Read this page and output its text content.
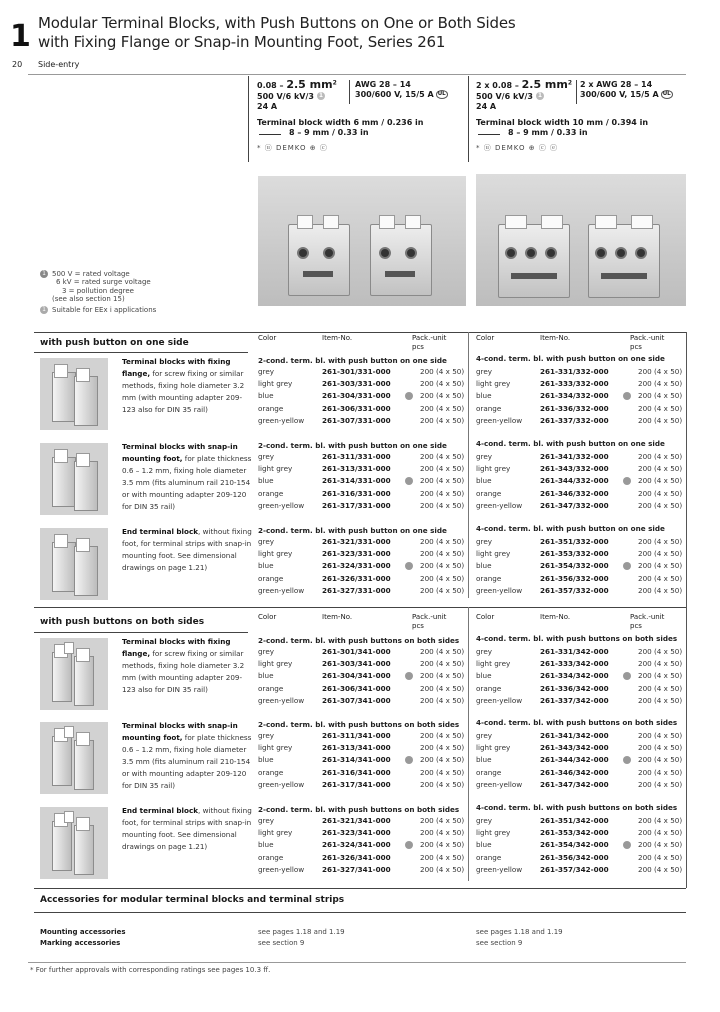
1 Modular Terminal Blocks, with Push Buttons on One or Both Sides
with Fixing Flange or Snap-in Mounting Foot, Series 261
20 Side-entry
0.08 – 2.5 $mm^2$
500 V/6 kV/3 1
24 A
AWG 28 – 14
300/600 V, 15/5 A UL
Terminal block width 6 mm / 0.236 in
8 – 9 mm / 0.33 in
* ⓤ DEMKO ⊕ ⓒ
2 x 0.08 – 2.5 $mm^2$
500 V/6 kV/3 1
24 A
2 x AWG 28 – 14
300/600 V, 15/5 A UL
Terminal block width 10 mm / 0.394 in
8 – 9 mm / 0.33 in
* ⓤ DEMKO ⊕ ⓒ ⓔ
1 500 V = rated voltage
6 kV = rated surge voltage
3 = pollution degree
(see also section 15)
1 Suitable for EEx i applications
with push button on one side	Color	Item-No.	Pack.-unit
pcs
Color	Item-No.	Pack.-unit
pcs
Terminal blocks with fixing flange, for screw fixing or similar methods, fixing hole diameter 3.2 mm (with mounting adapter 209-123 also for DIN 35 rail)
2-cond. term. bl. with push button on one side	4-cond. term. bl. with push button on one side
grey	261-301/331-000	200 (4 x 50) grey	261-331/332-000	200 (4 x 50)
light grey	261-303/331-000	200 (4 x 50) light grey	261-333/332-000	200 (4 x 50)
blue	261-304/331-000	200 (4 x 50) blue	261-334/332-000	200 (4 x 50)
orange	261-306/331-000	200 (4 x 50) orange	261-336/332-000	200 (4 x 50)
green-yellow 261-307/331-000	200 (4 x 50) green-yellow 261-337/332-000	200 (4 x 50)
Terminal blocks with snap-in mounting foot, for plate thickness 0.6 – 1.2 mm, fixing hole diameter 3.5 mm (fits aluminum rail 210-154 or with mounting adapter 209-120 for DIN 35 rail)
2-cond. term. bl. with push button on one side	4-cond. term. bl. with push button on one side
grey	261-311/331-000	200 (4 x 50) grey	261-341/332-000	200 (4 x 50)
light grey	261-313/331-000	200 (4 x 50) light grey	261-343/332-000	200 (4 x 50)
blue	261-314/331-000	200 (4 x 50) blue	261-344/332-000	200 (4 x 50)
orange	261-316/331-000	200 (4 x 50) orange	261-346/332-000	200 (4 x 50)
green-yellow 261-317/331-000	200 (4 x 50) green-yellow 261-347/332-000	200 (4 x 50)
End terminal block, without fixing foot, for terminal strips with snap-in mounting foot. See dimensional drawings on page 1.21)
2-cond. term. bl. with push button on one side	4-cond. term. bl. with push button on one side
grey	261-321/331-000	200 (4 x 50) grey	261-351/332-000	200 (4 x 50)
light grey	261-323/331-000	200 (4 x 50) light grey	261-353/332-000	200 (4 x 50)
blue	261-324/331-000	200 (4 x 50) blue	261-354/332-000	200 (4 x 50)
orange	261-326/331-000	200 (4 x 50) orange	261-356/332-000	200 (4 x 50)
green-yellow 261-327/331-000	200 (4 x 50) green-yellow 261-357/332-000	200 (4 x 50)
with push buttons on both sides	Color	Item-No.	Pack.-unit
pcs
Color	Item-No.	Pack.-unit
pcs
Terminal blocks with fixing flange, for screw fixing or similar methods, fixing hole diameter 3.2 mm (with mounting adapter 209-123 also for DIN 35 rail)
2-cond. term. bl. with push buttons on both sides 4-cond. term. bl. with push buttons on both sides
grey	261-301/341-000	200 (4 x 50) grey	261-331/342-000	200 (4 x 50)
light grey	261-303/341-000	200 (4 x 50) light grey	261-333/342-000	200 (4 x 50)
blue	261-304/341-000	200 (4 x 50) blue	261-334/342-000	200 (4 x 50)
orange	261-306/341-000	200 (4 x 50) orange	261-336/342-000	200 (4 x 50)
green-yellow 261-307/341-000	200 (4 x 50) green-yellow 261-337/342-000	200 (4 x 50)
Terminal blocks with snap-in mounting foot, for plate thickness 0.6 – 1.2 mm, fixing hole diameter 3.5 mm (fits aluminum rail 210-154 or with mounting adapter 209-120 for DIN 35 rail)
2-cond. term. bl. with push buttons on both sides 4-cond. term. bl. with push buttons on both sides
grey	261-311/341-000	200 (4 x 50) grey	261-341/342-000	200 (4 x 50)
light grey	261-313/341-000	200 (4 x 50) light grey	261-343/342-000	200 (4 x 50)
blue	261-314/341-000	200 (4 x 50) blue	261-344/342-000	200 (4 x 50)
orange	261-316/341-000	200 (4 x 50) orange	261-346/342-000	200 (4 x 50)
green-yellow 261-317/341-000	200 (4 x 50) green-yellow 261-347/342-000	200 (4 x 50)
End terminal block, without fixing foot, for terminal strips with snap-in mounting foot. See dimensional drawings on page 1.21)
2-cond. term. bl. with push buttons on both sides 4-cond. term. bl. with push buttons on both sides
grey	261-321/341-000	200 (4 x 50) grey	261-351/342-000	200 (4 x 50)
light grey	261-323/341-000	200 (4 x 50) light grey	261-353/342-000	200 (4 x 50)
blue	261-324/341-000	200 (4 x 50) blue	261-354/342-000	200 (4 x 50)
orange	261-326/341-000	200 (4 x 50) orange	261-356/342-000	200 (4 x 50)
green-yellow 261-327/341-000	200 (4 x 50) green-yellow 261-357/342-000	200 (4 x 50)
Accessories for modular terminal blocks and terminal strips
Mounting accessories	see pages 1.18 and 1.19	see pages 1.18 and 1.19
Marking accessories	see section 9	see section 9
* For further approvals with corresponding ratings see pages 10.3 ff.
